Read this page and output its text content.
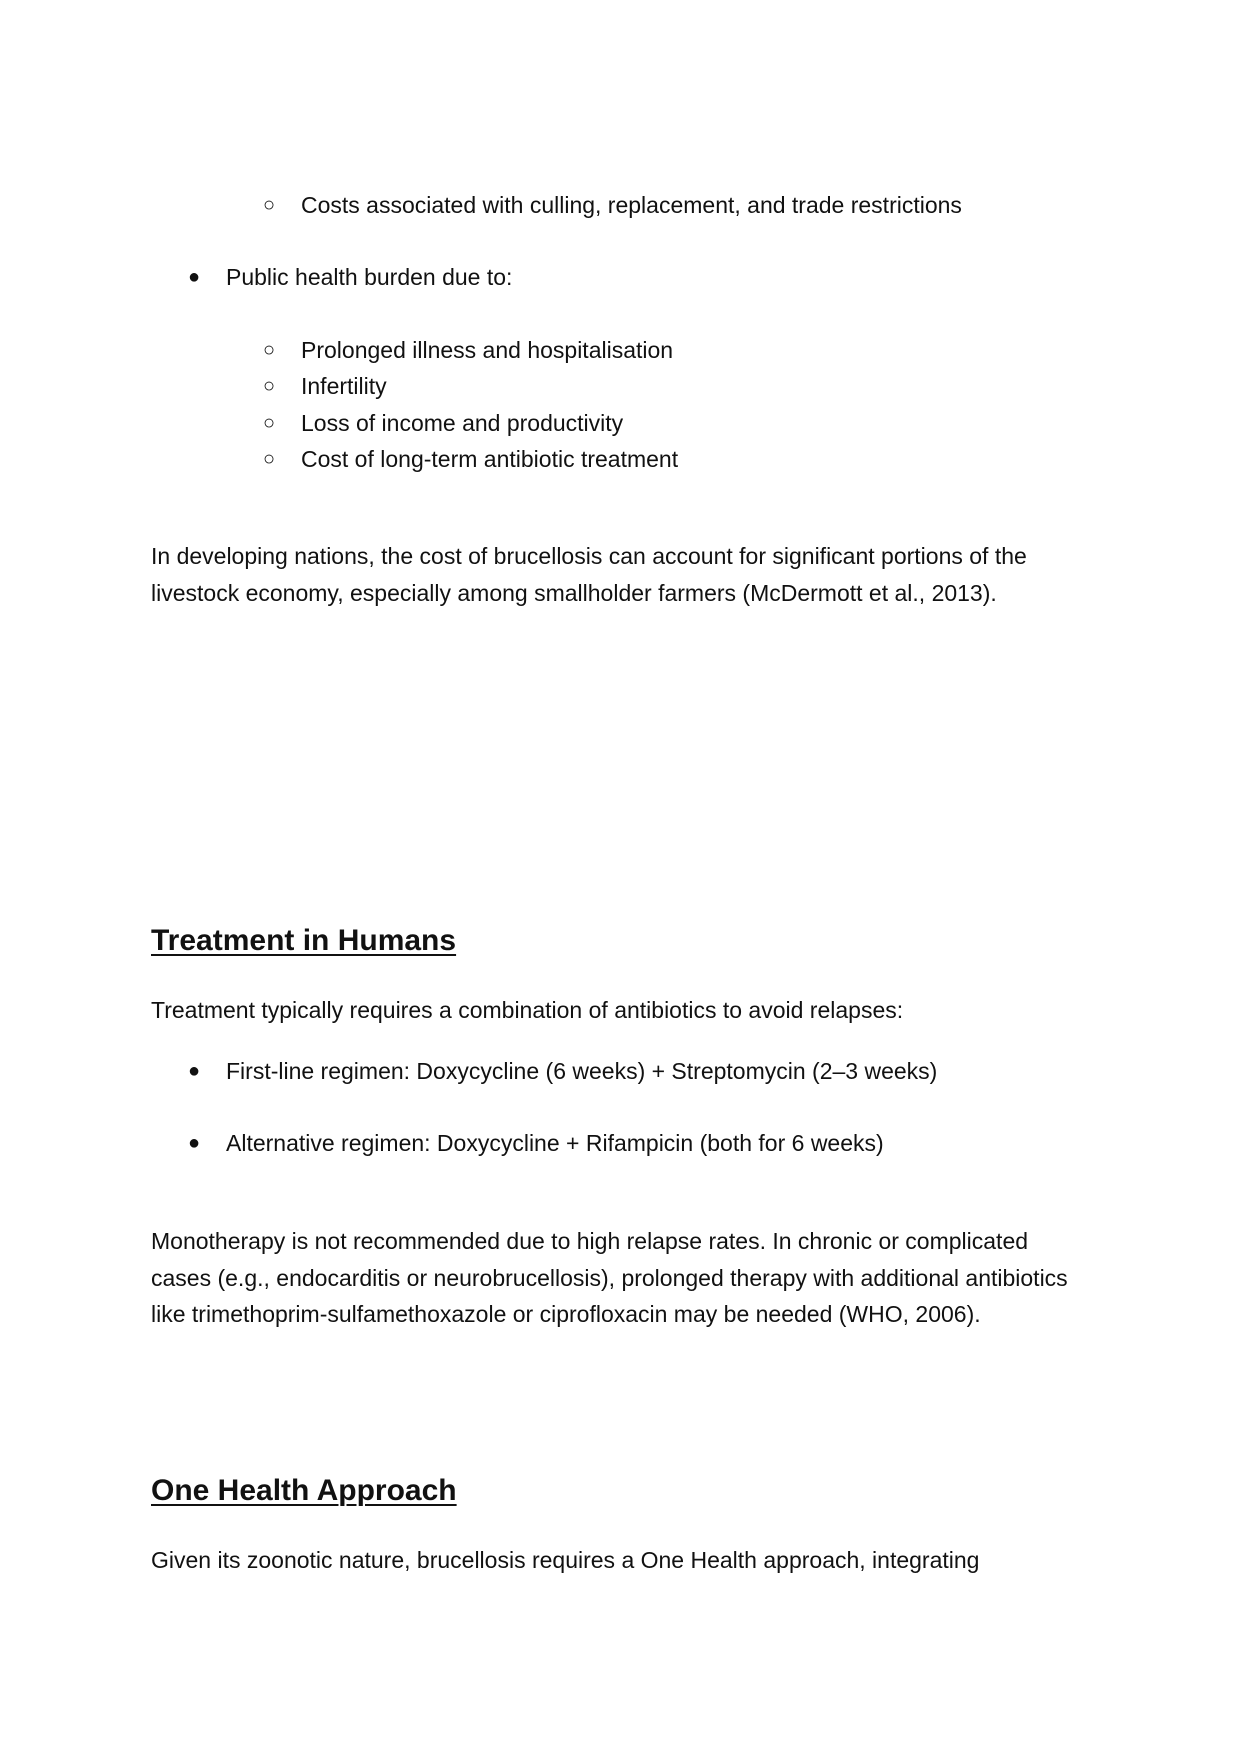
○ Costs associated with culling, replacement, and trade restrictions

● Public health burden due to:

○ Prolonged illness and hospitalisation

○ Infertility

○ Loss of income and productivity

○ Cost of long-term antibiotic treatment

In developing nations, the cost of brucellosis can account for significant portions of the livestock economy, especially among smallholder farmers (McDermott et al., 2013).

Treatment in Humans

Treatment typically requires a combination of antibiotics to avoid relapses:

● First-line regimen: Doxycycline (6 weeks) + Streptomycin (2–3 weeks)

● Alternative regimen: Doxycycline + Rifampicin (both for 6 weeks)

Monotherapy is not recommended due to high relapse rates. In chronic or complicated cases (e.g., endocarditis or neurobrucellosis), prolonged therapy with additional antibiotics like trimethoprim-sulfamethoxazole or ciprofloxacin may be needed (WHO, 2006).

One Health Approach

Given its zoonotic nature, brucellosis requires a One Health approach, integrating
